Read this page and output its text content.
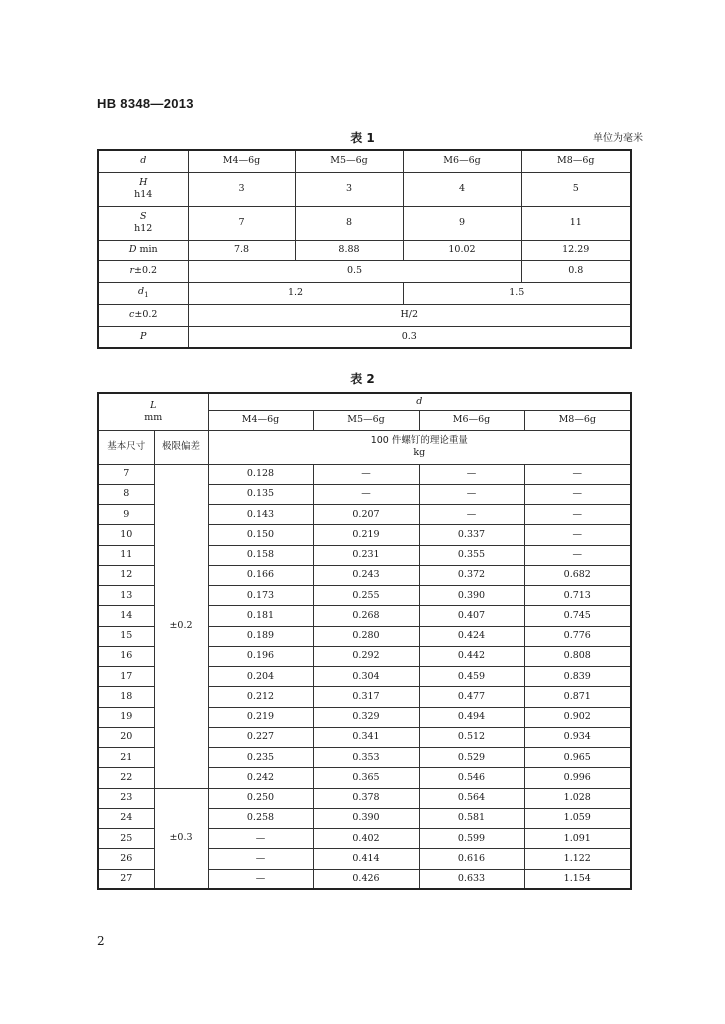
HB 8348—2013
表 1	单位为毫米
d	M4—6g	M5—6g	M6—6g	M8—6g
H
h14	3	3	4	5
S
h12	7	8	9	11
D min	7.8	8.88	10.02	12.29
r±0.2	0.5			0.8
$d_1$	1.2		1.5	
c±0.2	H/2			
P	0.3			
表 2
L
mm		d			
		M4—6g	M5—6g	M6—6g	M8—6g
基本尺寸	极限偏差	100 件螺钉的理论重量
kg			
7	±0.2	0.128	—	—	—
8		0.135	—	—	—
9		0.143	0.207	—	—
10		0.150	0.219	0.337	—
11		0.158	0.231	0.355	—
12		0.166	0.243	0.372	0.682
13		0.173	0.255	0.390	0.713
14		0.181	0.268	0.407	0.745
15		0.189	0.280	0.424	0.776
16		0.196	0.292	0.442	0.808
17		0.204	0.304	0.459	0.839
18		0.212	0.317	0.477	0.871
19		0.219	0.329	0.494	0.902
20		0.227	0.341	0.512	0.934
21		0.235	0.353	0.529	0.965
22		0.242	0.365	0.546	0.996
23	±0.3	0.250	0.378	0.564	1.028
24		0.258	0.390	0.581	1.059
25		—	0.402	0.599	1.091
26		—	0.414	0.616	1.122
27		—	0.426	0.633	1.154
2
